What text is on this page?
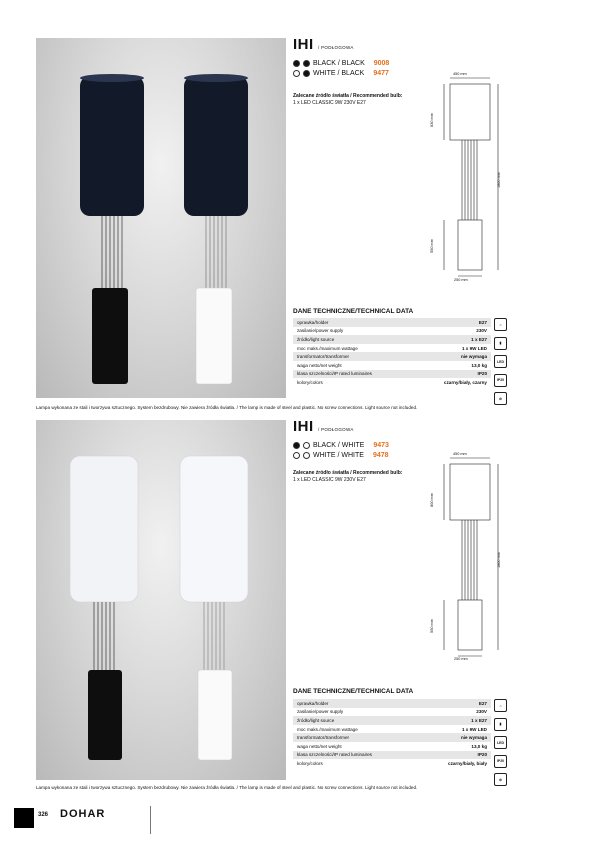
IHI / PODŁOGOWA
BLACK / BLACK 9008
WHITE / BLACK 9477
Zalecane źródło światła / Recommended bulb:
1 x LED CLASSIC 9W 230V E27
450 mm
830 mm
1800 mm
550 mm
250 mm
DANE TECHNICZNE/TECHNICAL DATA
oprawka/holder	E27
zasilanie/power supply	230V
źródło/light source	1 x E27
moc maks./maximum wattage	1 x 9W LED
transformator/transformer	nie wymaga
waga netto/net weight	13,0 kg
klasa szczelności/IP rated luminaires	IP20
kolory/colors	czarny/biały, czarny
⌂
▮
LED
IP20
⊘
Lampa wykonana ze stali i tworzywa sztucznego. System bezdrubowy. Nie zawiera źródła światła. / The lamp is made of steel and plastic. No screw connections. Light source not included.
IHI / PODŁOGOWA
BLACK / WHITE 9473
WHITE / WHITE 9478
Zalecane źródło światła / Recommended bulb:
1 x LED CLASSIC 9W 230V E27
450 mm
800 mm
1800 mm
550 mm
250 mm
DANE TECHNICZNE/TECHNICAL DATA
oprawka/holder	E27
zasilanie/power supply	230V
źródło/light source	1 x E27
moc maks./maximum wattage	1 x 9W LED
transformator/transformer	nie wymaga
waga netto/net weight	13,0 kg
klasa szczelności/IP rated luminaires	IP20
kolory/colors	czarny/biały, biały
⌂
▮
LED
IP20
⊘
Lampa wykonana ze stali i tworzywa sztucznego. System bezdrubowy. Nie zawiera źródła światła. / The lamp is made of steel and plastic. No screw connections. Light source not included.
326 DOHAR
